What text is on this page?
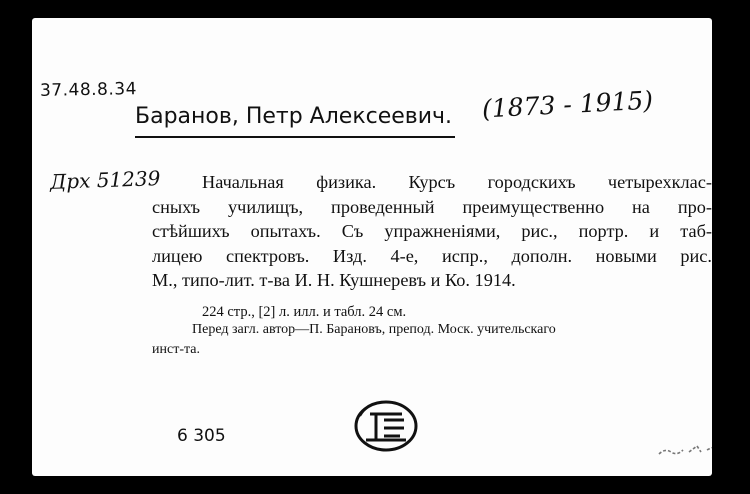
37.48.8.34
Баранов, Петр Алексеевич. (1873 - 1915)
Дрх 51239	Начальная физика. Курсъ городскихъ четырехклас-
сныхъ училищъ, проведенный преимущественно на про-
стѣйшихъ опытахъ. Съ упражненіями, рис., портр. и таб-
лицею спектровъ. Изд. 4-е, испр., дополн. новыми рис.
М., типо-лит. т-ва И. Н. Кушнеревъ и Ко. 1914.
224 стр., [2] л. илл. и табл. 24 см.
Перед загл. автор—П. Барановъ, препод. Моск. учительскаго
инст-та.
6 305
